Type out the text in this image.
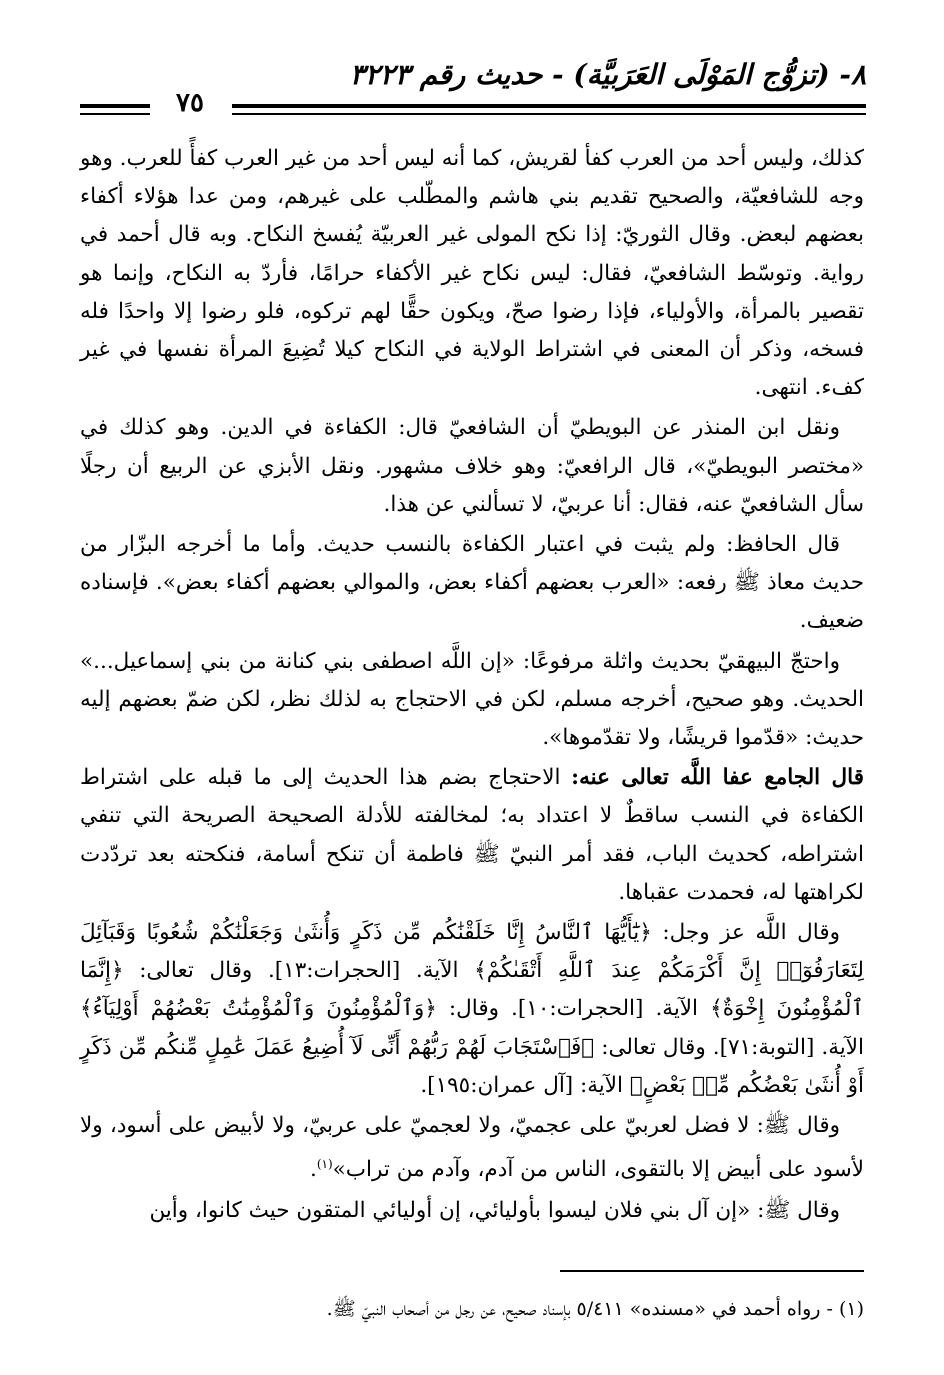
٨- (تزوُّج المَوْلَى العَرَبيَّة) - حديث رقم ٣٢٢٣
٧٥

كذلك، وليس أحد من العرب كفأ لقريش، كما أنه ليس أحد من غير العرب كفأً للعرب. وهو وجه للشافعيّة، والصحيح تقديم بني هاشم والمطّلب على غيرهم، ومن عدا هؤلاء أكفاء بعضهم لبعض. وقال الثوريّ: إذا نكح المولى غير العربيّة يُفسخ النكاح. وبه قال أحمد في رواية. وتوسّط الشافعيّ، فقال: ليس نكاح غير الأكفاء حرامًا، فأردّ به النكاح، وإنما هو تقصير بالمرأة، والأولياء، فإذا رضوا صحّ، ويكون حقًّا لهم تركوه، فلو رضوا إلا واحدًا فله فسخه، وذكر أن المعنى في اشتراط الولاية في النكاح كيلا تُضِيعَ المرأة نفسها في غير كفء. انتهى.

ونقل ابن المنذر عن البويطيّ أن الشافعيّ قال: الكفاءة في الدين. وهو كذلك في «مختصر البويطيّ»، قال الرافعيّ: وهو خلاف مشهور. ونقل الأبزي عن الربيع أن رجلًا سأل الشافعيّ عنه، فقال: أنا عربيّ، لا تسألني عن هذا.

قال الحافظ: ولم يثبت في اعتبار الكفاءة بالنسب حديث. وأما ما أخرجه البزّار من حديث معاذ ﷺ رفعه: «العرب بعضهم أكفاء بعض، والموالي بعضهم أكفاء بعض». فإسناده ضعيف.

واحتجّ البيهقيّ بحديث واثلة مرفوعًا: «إن اللَّه اصطفى بني كنانة من بني إسماعيل...» الحديث. وهو صحيح، أخرجه مسلم، لكن في الاحتجاج به لذلك نظر، لكن ضمّ بعضهم إليه حديث: «قدّموا قريشًا، ولا تقدّموها».

قال الجامع عفا اللَّه تعالى عنه: الاحتجاج بضم هذا الحديث إلى ما قبله على اشتراط الكفاءة في النسب ساقطٌ لا اعتداد به؛ لمخالفته للأدلة الصحيحة الصريحة التي تنفي اشتراطه، كحديث الباب، فقد أمر النبيّ ﷺ فاطمة أن تنكح أسامة، فنكحته بعد تردّدت لكراهتها له، فحمدت عقباها.

وقال اللَّه عز وجل: ﴿يَٰٓأَيُّهَا ٱلنَّاسُ إِنَّا خَلَقْنَٰكُم مِّن ذَكَرٍ وَأُنثَىٰ وَجَعَلْنَٰكُمْ شُعُوبًا وَقَبَآئِلَ لِتَعَارَفُوٓا۟ إِنَّ أَكْرَمَكُمْ عِندَ ٱللَّهِ أَتْقَىٰكُمْ﴾ الآية. [الحجرات:١٣]. وقال تعالى: ﴿إِنَّمَا ٱلْمُؤْمِنُونَ إِخْوَةٌ﴾ الآية. [الحجرات:١٠]. وقال: ﴿وَٱلْمُؤْمِنُونَ وَٱلْمُؤْمِنَٰتُ بَعْضُهُمْ أَوْلِيَآءُ﴾ الآية. [التوبة:٧١]. وقال تعالى: ﴿فَٱسْتَجَابَ لَهُمْ رَبُّهُمْ أَنِّى لَآ أُضِيعُ عَمَلَ عَٰمِلٍ مِّنكُم مِّن ذَكَرٍ أَوْ أُنثَىٰ بَعْضُكُم مِّنۢ بَعْضٍ﴾ الآية: [آل عمران:١٩٥].

وقال ﷺ: لا فضل لعربيّ على عجميّ، ولا لعجميّ على عربيّ، ولا لأبيض على أسود، ولا لأسود على أبيض إلا بالتقوى، الناس من آدم، وآدم من تراب»$^{(١)}$.

وقال ﷺ: «إن آل بني فلان ليسوا بأوليائي، إن أوليائي المتقون حيث كانوا، وأين

(١) - رواه أحمد في «مسنده» ٥/٤١١ بإسناد صحيح، عن رجل من أصحاب النبيّ ﷺ.
